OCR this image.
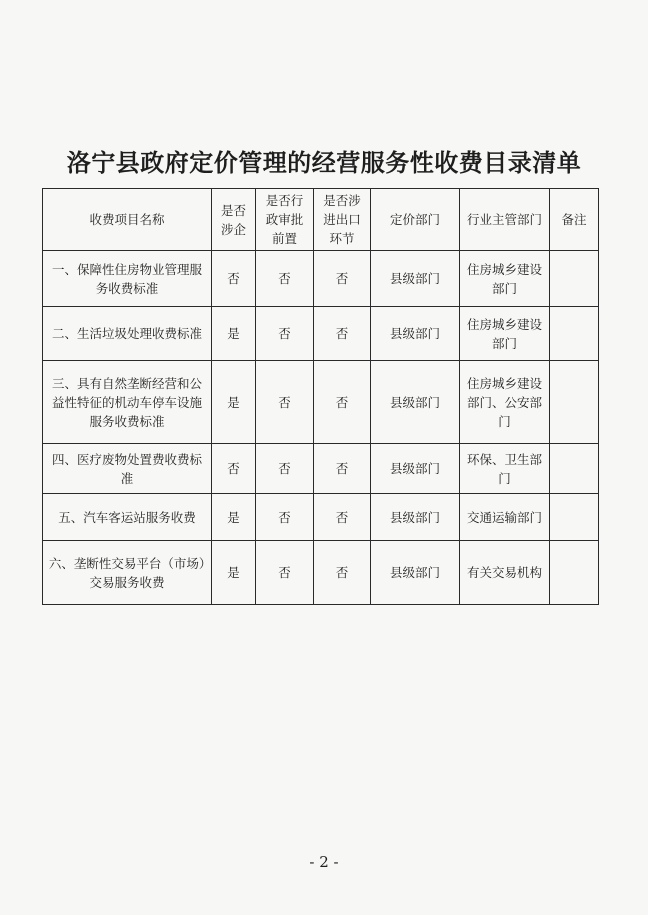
洛宁县政府定价管理的经营服务性收费目录清单
收费项目名称	是否涉企	是否行政审批前置	是否涉进出口环节	定价部门	行业主管部门	备注
一、保障性住房物业管理服务收费标准	否	否	否	县级部门	住房城乡建设部门	
二、生活垃圾处理收费标准	是	否	否	县级部门	住房城乡建设部门	
三、具有自然垄断经营和公益性特征的机动车停车设施服务收费标准	是	否	否	县级部门	住房城乡建设部门、公安部门	
四、医疗废物处置费收费标准	否	否	否	县级部门	环保、卫生部门	
五、汽车客运站服务收费	是	否	否	县级部门	交通运输部门	
六、垄断性交易平台（市场）交易服务收费	是	否	否	县级部门	有关交易机构	
- 2 -
